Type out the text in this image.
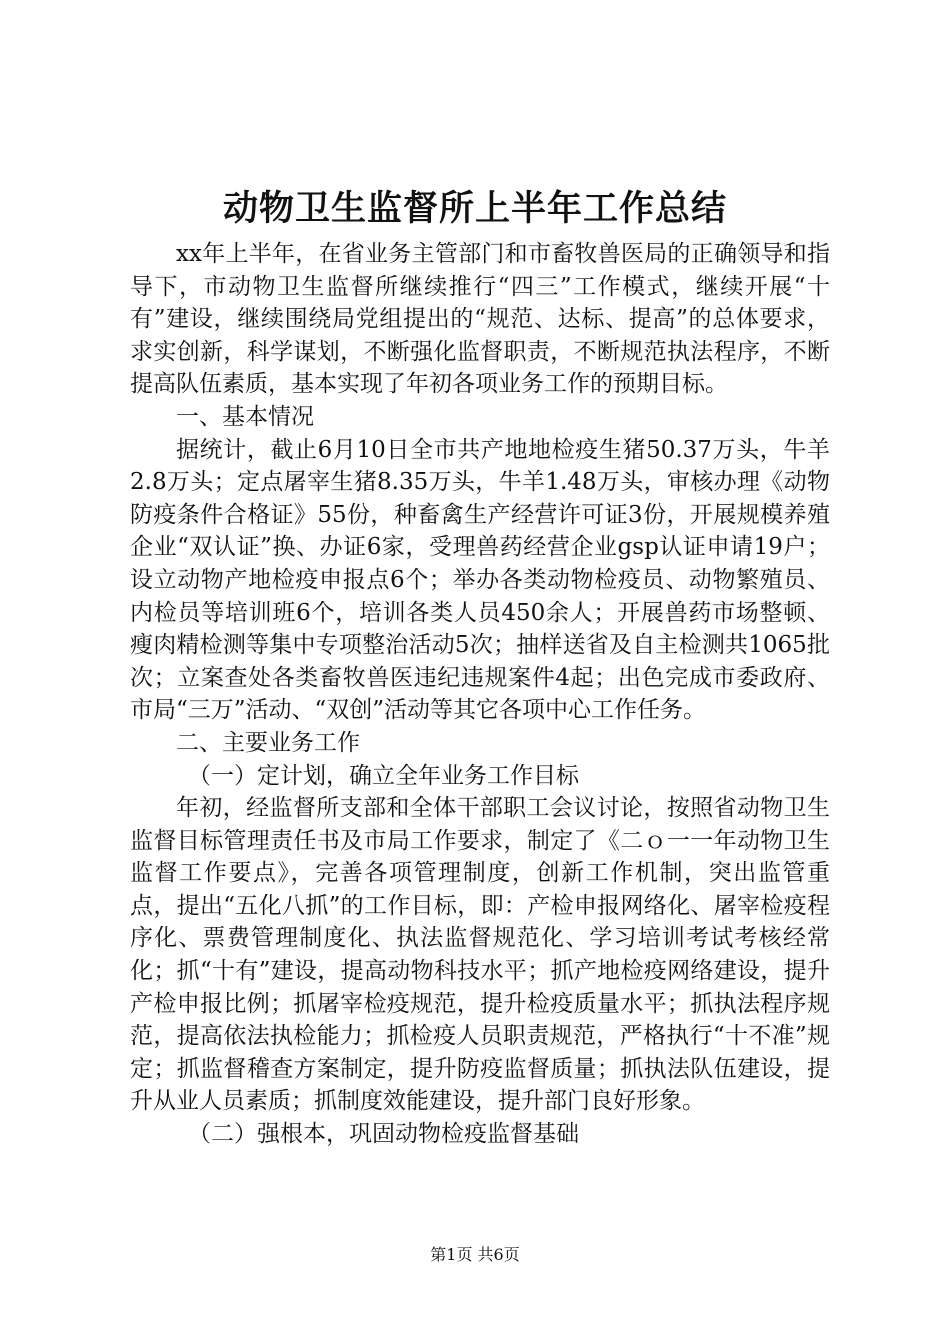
动物卫生监督所上半年工作总结

xx年上半年，在省业务主管部门和市畜牧兽医局的正确领导和指导下，市动物卫生监督所继续推行“四三”工作模式，继续开展“十有”建设，继续围绕局党组提出的“规范、达标、提高”的总体要求，求实创新，科学谋划，不断强化监督职责，不断规范执法程序，不断提高队伍素质，基本实现了年初各项业务工作的预期目标。

一、基本情况

据统计，截止6月10日全市共产地地检疫生猪50.37万头，牛羊2.8万头；定点屠宰生猪8.35万头，牛羊1.48万头，审核办理《动物防疫条件合格证》55份，种畜禽生产经营许可证3份，开展规模养殖企业“双认证”换、办证6家，受理兽药经营企业gsp认证申请19户；设立动物产地检疫申报点6个；举办各类动物检疫员、动物繁殖员、内检员等培训班6个，培训各类人员450余人；开展兽药市场整顿、瘦肉精检测等集中专项整治活动5次；抽样送省及自主检测共1065批次；立案查处各类畜牧兽医违纪违规案件4起；出色完成市委政府、市局“三万”活动、“双创”活动等其它各项中心工作任务。

二、主要业务工作

（一）定计划，确立全年业务工作目标

年初，经监督所支部和全体干部职工会议讨论，按照省动物卫生监督目标管理责任书及市局工作要求，制定了《二ｏ一一年动物卫生监督工作要点》，完善各项管理制度，创新工作机制，突出监管重点，提出“五化八抓”的工作目标，即：产检申报网络化、屠宰检疫程序化、票费管理制度化、执法监督规范化、学习培训考试考核经常化；抓“十有”建设，提高动物科技水平；抓产地检疫网络建设，提升产检申报比例；抓屠宰检疫规范，提升检疫质量水平；抓执法程序规范，提高依法执检能力；抓检疫人员职责规范，严格执行“十不准”规定；抓监督稽查方案制定，提升防疫监督质量；抓执法队伍建设，提升从业人员素质；抓制度效能建设，提升部门良好形象。

（二）强根本，巩固动物检疫监督基础

第1页 共6页
